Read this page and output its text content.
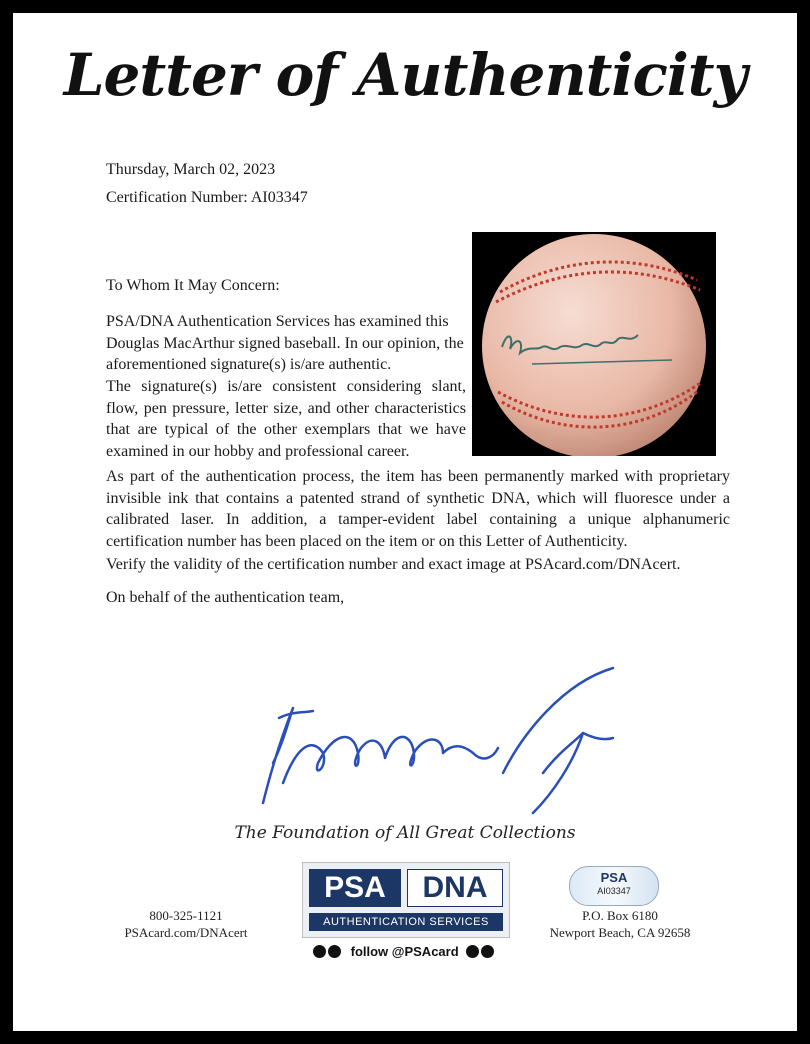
Letter of Authenticity
Thursday, March 02, 2023
Certification Number: AI03347
To Whom It May Concern:
PSA/DNA Authentication Services has examined this Douglas MacArthur signed baseball. In our opinion, the aforementioned signature(s) is/are authentic.
The signature(s) is/are consistent considering slant, flow, pen pressure, letter size, and other characteristics that are typical of the other exemplars that we have examined in our hobby and professional career.
As part of the authentication process, the item has been permanently marked with proprietary invisible ink that contains a patented strand of synthetic DNA, which will fluoresce under a calibrated laser. In addition, a tamper-evident label containing a unique alphanumeric certification number has been placed on the item or on this Letter of Authenticity.
Verify the validity of the certification number and exact image at PSAcard.com/DNAcert.
On behalf of the authentication team,
The Foundation of All Great Collections
800-325-1121
PSAcard.com/DNAcert
PSA	DNA
AUTHENTICATION SERVICES
follow @PSAcard
PSA
AI03347
P.O. Box 6180
Newport Beach, CA 92658
